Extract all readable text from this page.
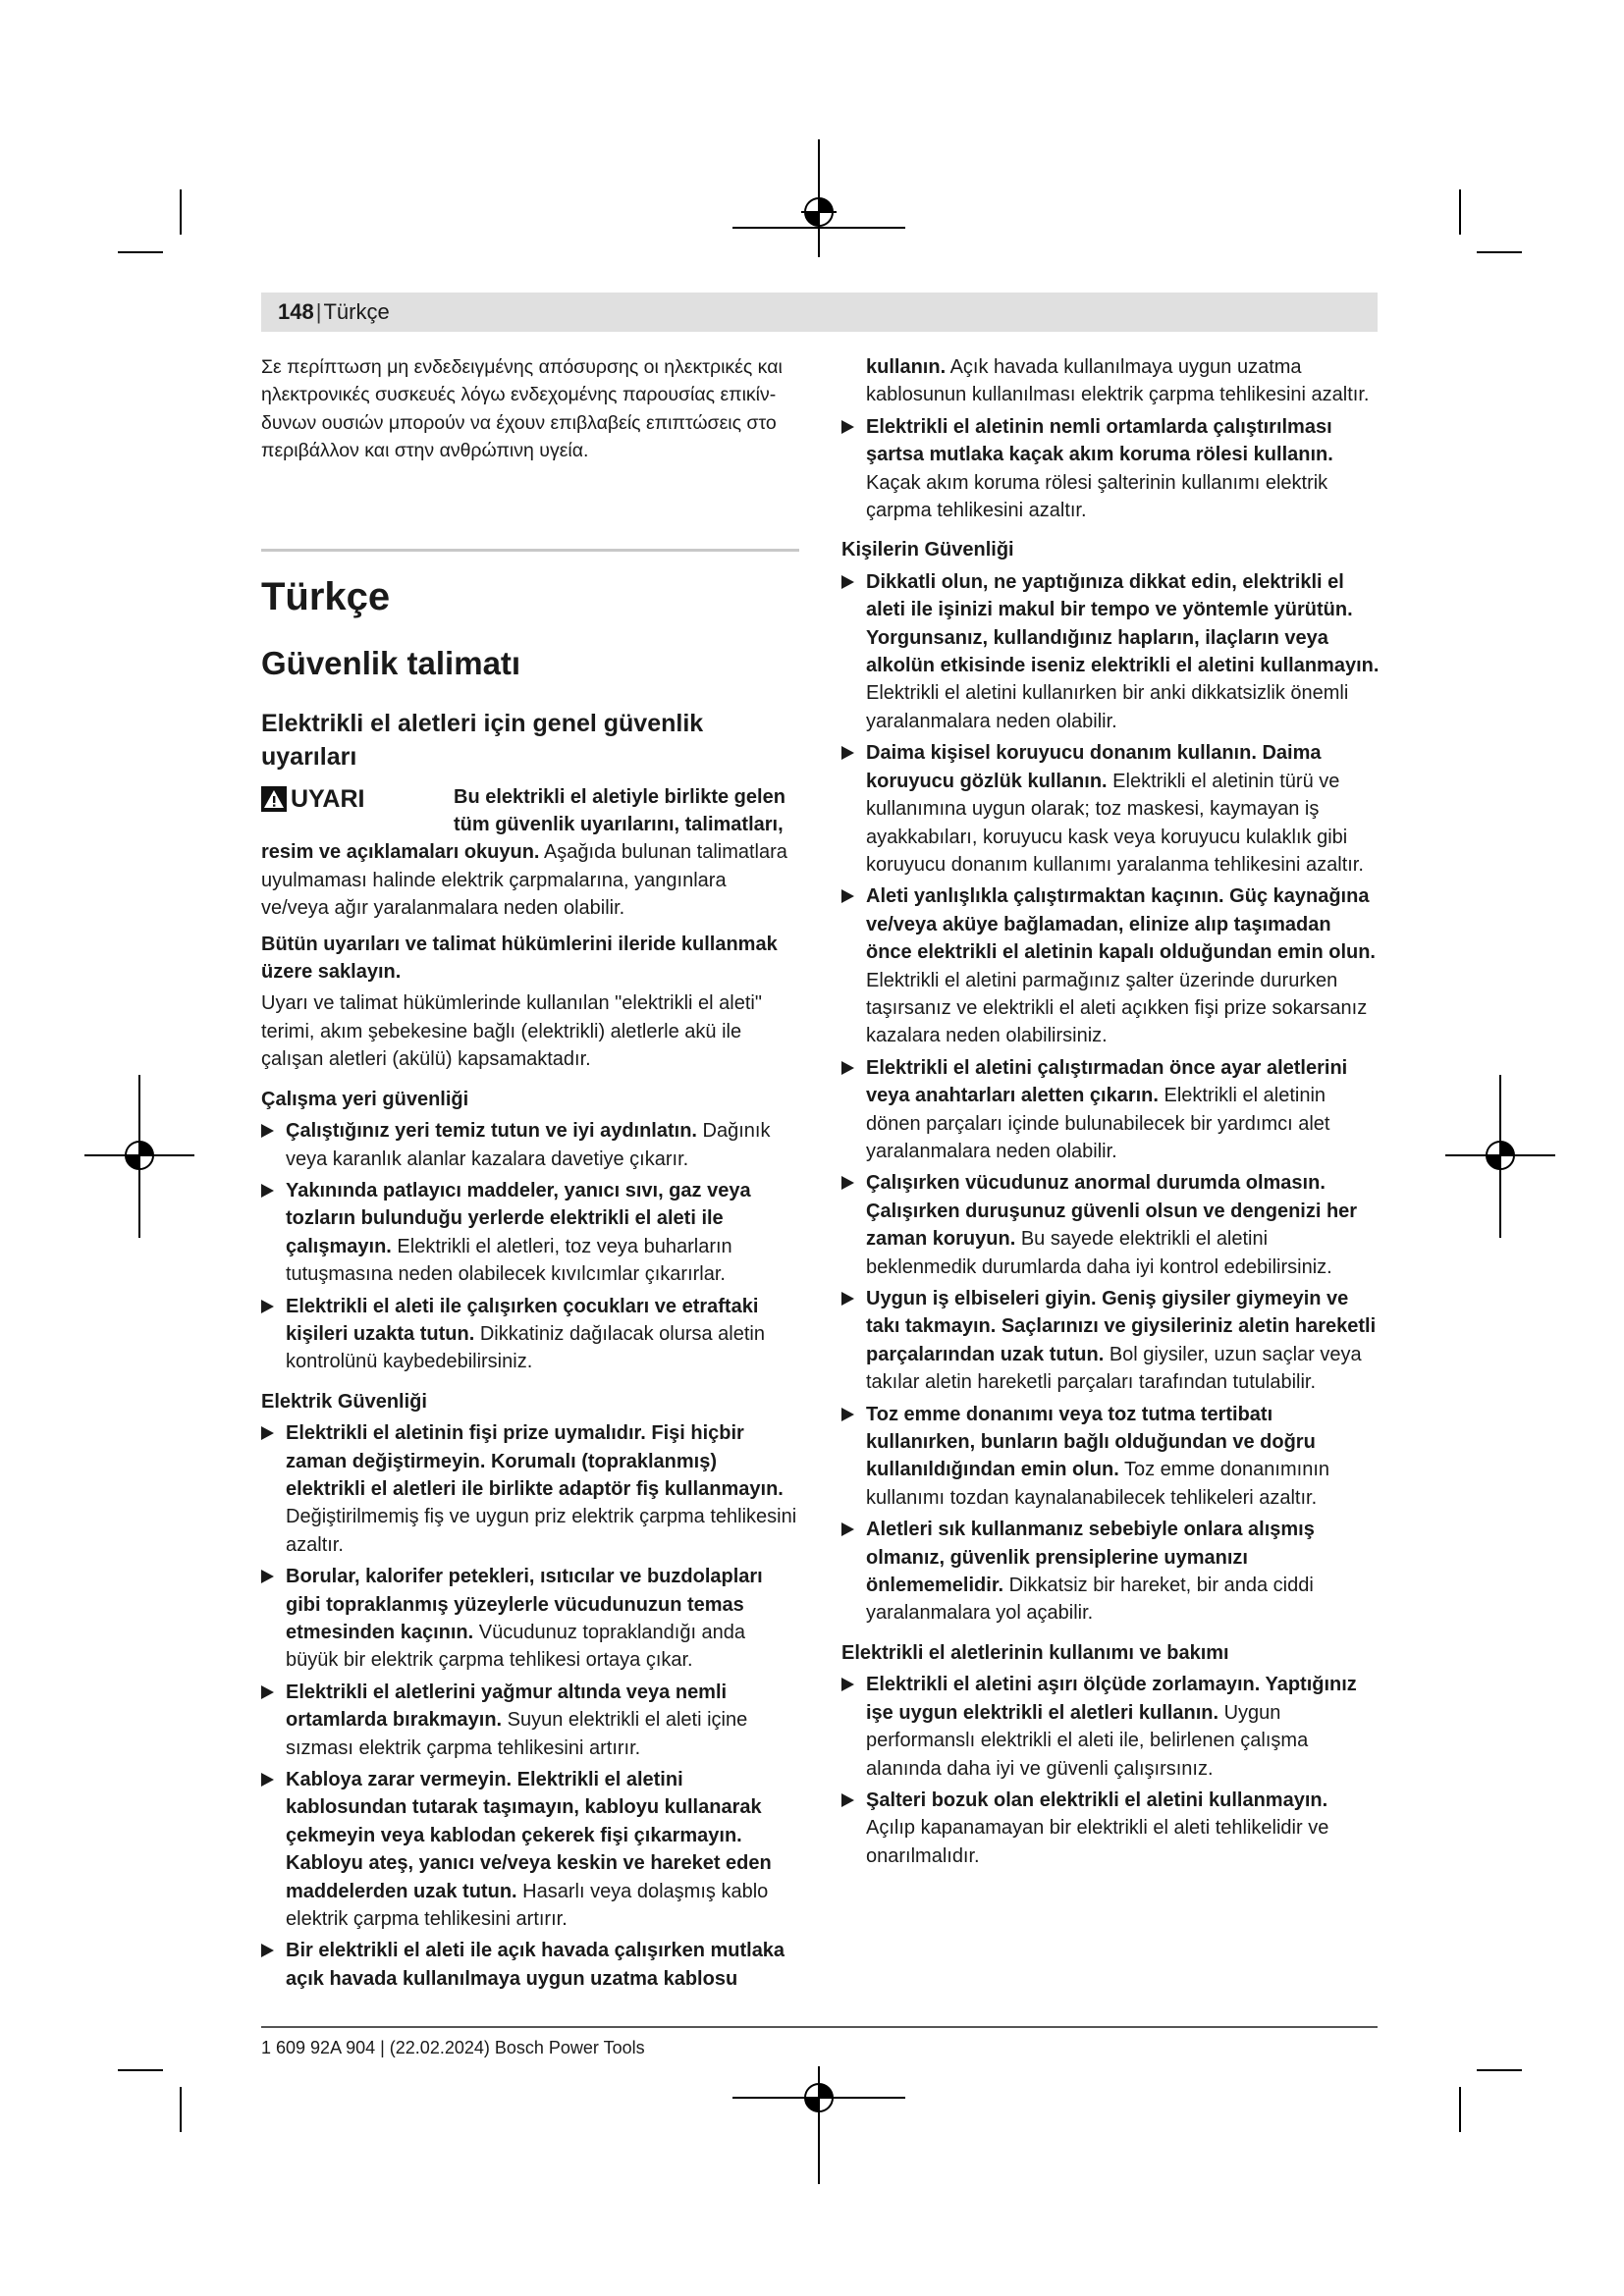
148|Türkçe

Σε περίπτωση μη ενδεδειγμένης απόσυρσης οι ηλεκτρικές και ηλεκτρονικές συσκευές λόγω ενδεχομένης παρουσίας επικίν-δυνων ουσιών μπορούν να έχουν επιβλαβείς επιπτώσεις στο περιβάλλον και στην ανθρώπινη υγεία.

Türkçe
Güvenlik talimatı
Elektrikli el aletleri için genel güvenlik uyarıları
UYARI	Bu elektrikli el aletiyle birlikte gelen tüm güvenlik uyarılarını, talimatları, resim ve açıklamaları okuyun. Aşağıda bulunan talimatlara uyulmaması halinde elektrik çarpmalarına, yangınlara ve/veya ağır yaralanmalara neden olabilir.

Bütün uyarıları ve talimat hükümlerini ileride kullanmak üzere saklayın.

Uyarı ve talimat hükümlerinde kullanılan "elektrikli el aleti" terimi, akım şebekesine bağlı (elektrikli) aletlerle akü ile çalışan aletleri (akülü) kapsamaktadır.

Çalışma yeri güvenliği
Çalıştığınız yeri temiz tutun ve iyi aydınlatın. Dağınık veya karanlık alanlar kazalara davetiye çıkarır.
Yakınında patlayıcı maddeler, yanıcı sıvı, gaz veya tozların bulunduğu yerlerde elektrikli el aleti ile çalışmayın. Elektrikli el aletleri, toz veya buharların tutuşmasına neden olabilecek kıvılcımlar çıkarırlar.
Elektrikli el aleti ile çalışırken çocukları ve etraftaki kişileri uzakta tutun. Dikkatiniz dağılacak olursa aletin kontrolünü kaybedebilirsiniz.
Elektrik Güvenliği
Elektrikli el aletinin fişi prize uymalıdır. Fişi hiçbir zaman değiştirmeyin. Korumalı (topraklanmış) elektrikli el aletleri ile birlikte adaptör fiş kullanmayın. Değiştirilmemiş fiş ve uygun priz elektrik çarpma tehlikesini azaltır.
Borular, kalorifer petekleri, ısıtıcılar ve buzdolapları gibi topraklanmış yüzeylerle vücudunuzun temas etmesinden kaçının. Vücudunuz topraklandığı anda büyük bir elektrik çarpma tehlikesi ortaya çıkar.
Elektrikli el aletlerini yağmur altında veya nemli ortamlarda bırakmayın. Suyun elektrikli el aleti içine sızması elektrik çarpma tehlikesini artırır.
Kabloya zarar vermeyin. Elektrikli el aletini kablosundan tutarak taşımayın, kabloyu kullanarak çekmeyin veya kablodan çekerek fişi çıkarmayın. Kabloyu ateş, yanıcı ve/veya keskin ve hareket eden maddelerden uzak tutun. Hasarlı veya dolaşmış kablo elektrik çarpma tehlikesini artırır.
Bir elektrikli el aleti ile açık havada çalışırken mutlaka açık havada kullanılmaya uygun uzatma kablosu

kullanın. Açık havada kullanılmaya uygun uzatma kablosunun kullanılması elektrik çarpma tehlikesini azaltır.

Elektrikli el aletinin nemli ortamlarda çalıştırılması şartsa mutlaka kaçak akım koruma rölesi kullanın. Kaçak akım koruma rölesi şalterinin kullanımı elektrik çarpma tehlikesini azaltır.
Kişilerin Güvenliği
Dikkatli olun, ne yaptığınıza dikkat edin, elektrikli el aleti ile işinizi makul bir tempo ve yöntemle yürütün. Yorgunsanız, kullandığınız hapların, ilaçların veya alkolün etkisinde iseniz elektrikli el aletini kullanmayın. Elektrikli el aletini kullanırken bir anki dikkatsizlik önemli yaralanmalara neden olabilir.
Daima kişisel koruyucu donanım kullanın. Daima koruyucu gözlük kullanın. Elektrikli el aletinin türü ve kullanımına uygun olarak; toz maskesi, kaymayan iş ayakkabıları, koruyucu kask veya koruyucu kulaklık gibi koruyucu donanım kullanımı yaralanma tehlikesini azaltır.
Aleti yanlışlıkla çalıştırmaktan kaçının. Güç kaynağına ve/veya aküye bağlamadan, elinize alıp taşımadan önce elektrikli el aletinin kapalı olduğundan emin olun. Elektrikli el aletini parmağınız şalter üzerinde dururken taşırsanız ve elektrikli el aleti açıkken fişi prize sokarsanız kazalara neden olabilirsiniz.
Elektrikli el aletini çalıştırmadan önce ayar aletlerini veya anahtarları aletten çıkarın. Elektrikli el aletinin dönen parçaları içinde bulunabilecek bir yardımcı alet yaralanmalara neden olabilir.
Çalışırken vücudunuz anormal durumda olmasın. Çalışırken duruşunuz güvenli olsun ve dengenizi her zaman koruyun. Bu sayede elektrikli el aletini beklenmedik durumlarda daha iyi kontrol edebilirsiniz.
Uygun iş elbiseleri giyin. Geniş giysiler giymeyin ve takı takmayın. Saçlarınızı ve giysileriniz aletin hareketli parçalarından uzak tutun. Bol giysiler, uzun saçlar veya takılar aletin hareketli parçaları tarafından tutulabilir.
Toz emme donanımı veya toz tutma tertibatı kullanırken, bunların bağlı olduğundan ve doğru kullanıldığından emin olun. Toz emme donanımının kullanımı tozdan kaynalanabilecek tehlikeleri azaltır.
Aletleri sık kullanmanız sebebiyle onlara alışmış olmanız, güvenlik prensiplerine uymanızı önlememelidir. Dikkatsiz bir hareket, bir anda ciddi yaralanmalara yol açabilir.
Elektrikli el aletlerinin kullanımı ve bakımı
Elektrikli el aletini aşırı ölçüde zorlamayın. Yaptığınız işe uygun elektrikli el aletleri kullanın. Uygun performanslı elektrikli el aleti ile, belirlenen çalışma alanında daha iyi ve güvenli çalışırsınız.
Şalteri bozuk olan elektrikli el aletini kullanmayın. Açılıp kapanamayan bir elektrikli el aleti tehlikelidir ve onarılmalıdır.
1 609 92A 904 | (22.02.2024) Bosch Power Tools
